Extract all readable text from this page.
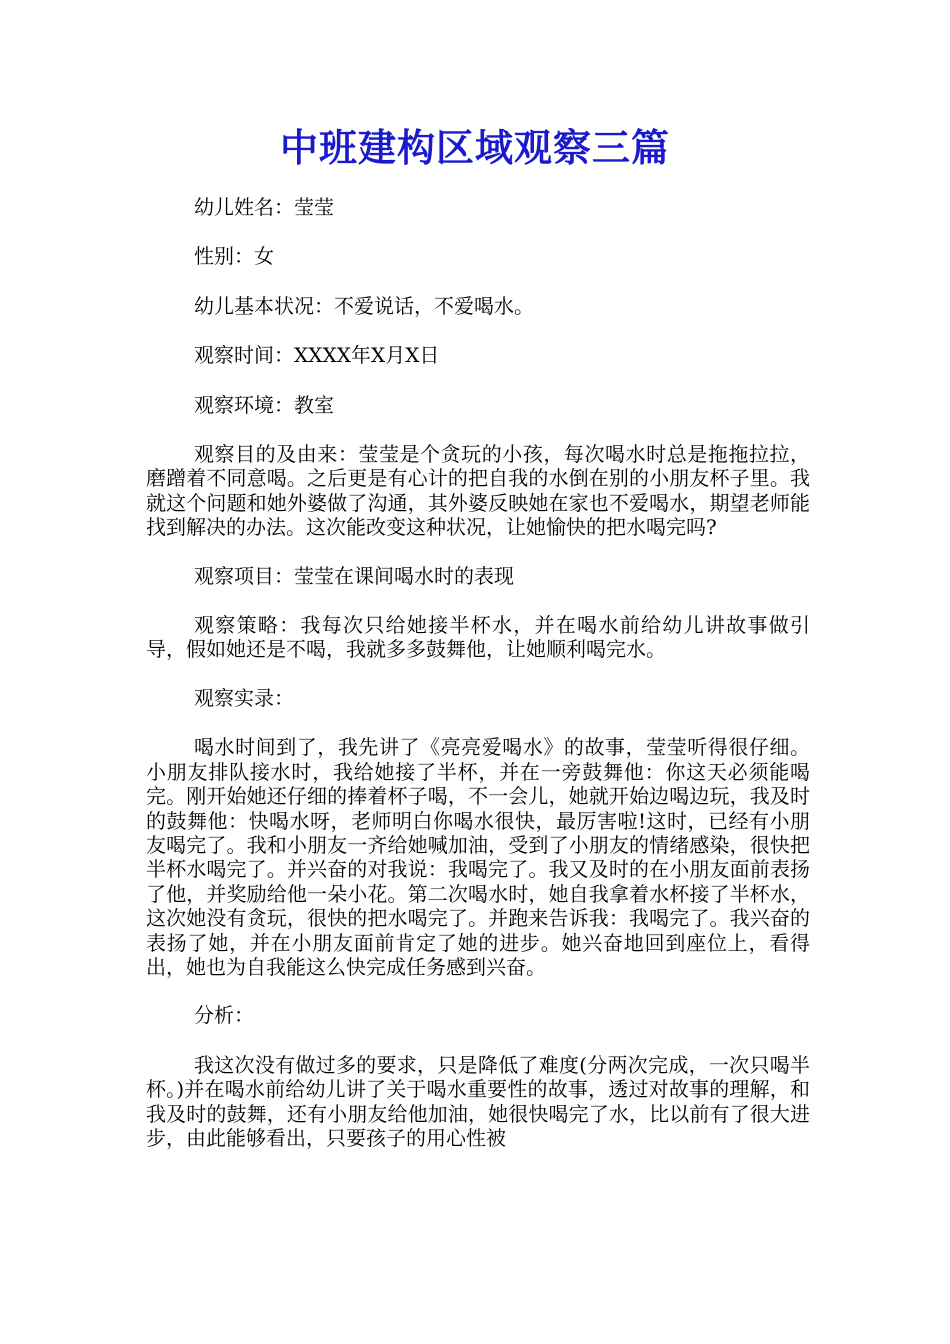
中班建构区域观察三篇

幼儿姓名：莹莹

性别：女

幼儿基本状况：不爱说话，不爱喝水。

观察时间：XXXX年X月X日

观察环境：教室

观察目的及由来：莹莹是个贪玩的小孩，每次喝水时总是拖拖拉拉，磨蹭着不同意喝。之后更是有心计的把自我的水倒在别的小朋友杯子里。我就这个问题和她外婆做了沟通，其外婆反映她在家也不爱喝水，期望老师能找到解决的办法。这次能改变这种状况，让她愉快的把水喝完吗?

观察项目：莹莹在课间喝水时的表现

观察策略：我每次只给她接半杯水，并在喝水前给幼儿讲故事做引导，假如她还是不喝，我就多多鼓舞他，让她顺利喝完水。

观察实录：

喝水时间到了，我先讲了《亮亮爱喝水》的故事，莹莹听得很仔细。小朋友排队接水时，我给她接了半杯，并在一旁鼓舞他：你这天必须能喝完。刚开始她还仔细的捧着杯子喝，不一会儿，她就开始边喝边玩，我及时的鼓舞他：快喝水呀，老师明白你喝水很快，最厉害啦!这时，已经有小朋友喝完了。我和小朋友一齐给她喊加油，受到了小朋友的情绪感染，很快把半杯水喝完了。并兴奋的对我说：我喝完了。我又及时的在小朋友面前表扬了他，并奖励给他一朵小花。第二次喝水时，她自我拿着水杯接了半杯水，这次她没有贪玩，很快的把水喝完了。并跑来告诉我：我喝完了。我兴奋的表扬了她，并在小朋友面前肯定了她的进步。她兴奋地回到座位上，看得出，她也为自我能这么快完成任务感到兴奋。

分析：

我这次没有做过多的要求，只是降低了难度(分两次完成，一次只喝半杯。)并在喝水前给幼儿讲了关于喝水重要性的故事，透过对故事的理解，和我及时的鼓舞，还有小朋友给他加油，她很快喝完了水，比以前有了很大进步，由此能够看出，只要孩子的用心性被
